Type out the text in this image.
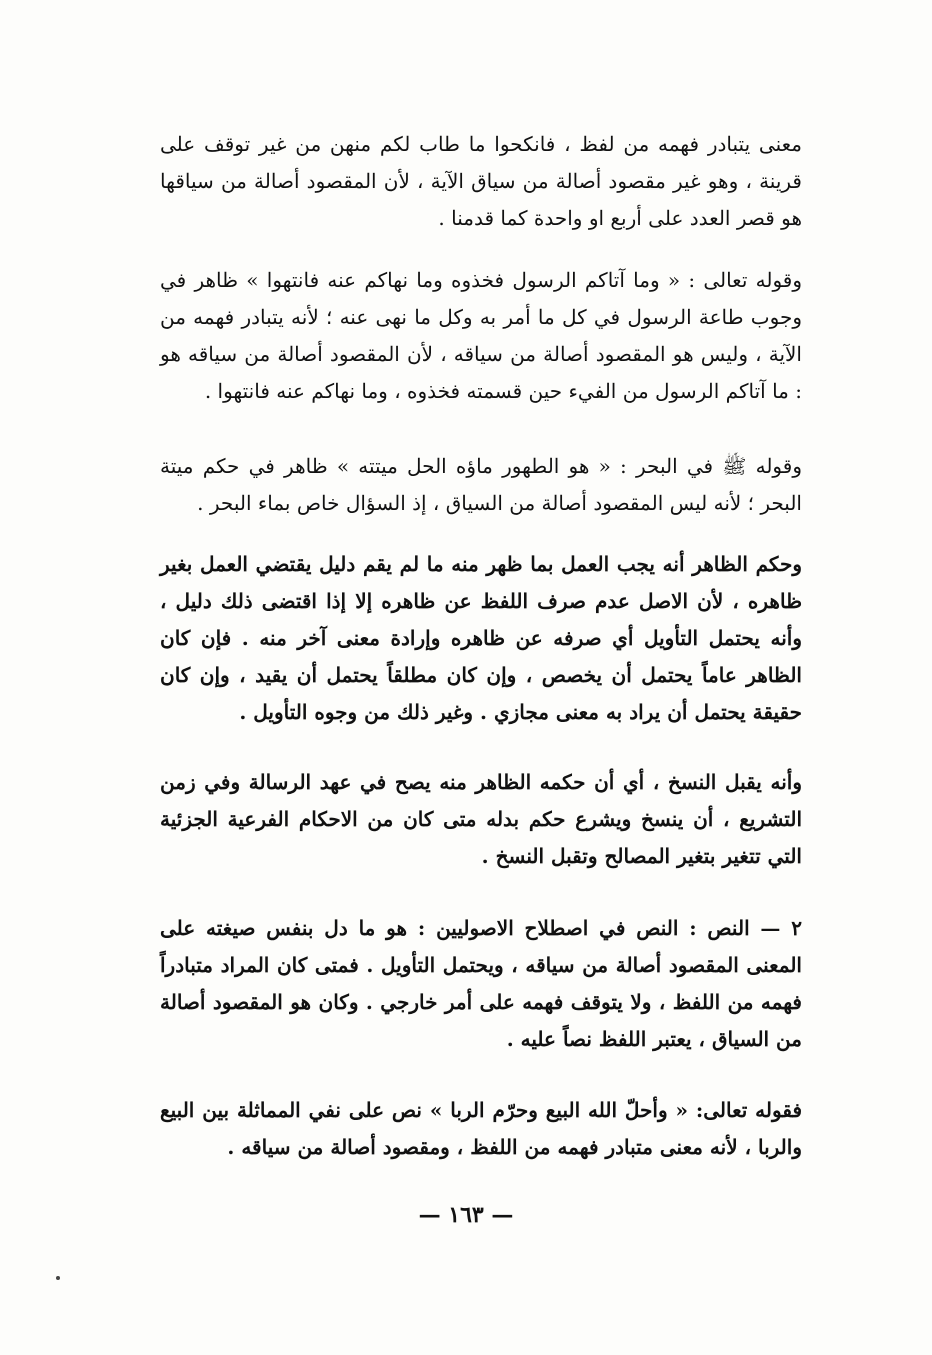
معنى يتبادر فهمه من لفظ ، فانكحوا ما طاب لكم منهن من غير توقف على قرينة ، وهو غير مقصود أصالة من سياق الآية ، لأن المقصود أصالة من سياقها هو قصر العدد على أربع او واحدة كما قدمنا .

وقوله تعالى : « وما آتاكم الرسول فخذوه وما نهاكم عنه فانتهوا » ظاهر في وجوب طاعة الرسول في كل ما أمر به وكل ما نهى عنه ؛ لأنه يتبادر فهمه من الآية ، وليس هو المقصود أصالة من سياقه ، لأن المقصود أصالة من سياقه هو : ما آتاكم الرسول من الفيء حين قسمته فخذوه ، وما نهاكم عنه فانتهوا .

وقوله ﷺ في البحر : « هو الطهور ماؤه الحل ميتته » ظاهر في حكم ميتة البحر ؛ لأنه ليس المقصود أصالة من السياق ، إذ السؤال خاص بماء البحر .

وحكم الظاهر أنه يجب العمل بما ظهر منه ما لم يقم دليل يقتضي العمل بغير ظاهره ، لأن الاصل عدم صرف اللفظ عن ظاهره إلا إذا اقتضى ذلك دليل ، وأنه يحتمل التأويل أي صرفه عن ظاهره وإرادة معنى آخر منه . فإن كان الظاهر عاماً يحتمل أن يخصص ، وإن كان مطلقاً يحتمل أن يقيد ، وإن كان حقيقة يحتمل أن يراد به معنى مجازي . وغير ذلك من وجوه التأويل .

وأنه يقبل النسخ ، أي أن حكمه الظاهر منه يصح في عهد الرسالة وفي زمن التشريع ، أن ينسخ ويشرع حكم بدله متى كان من الاحكام الفرعية الجزئية التي تتغير بتغير المصالح وتقبل النسخ .

٢ — النص : النص في اصطلاح الاصوليين : هو ما دل بنفس صيغته على المعنى المقصود أصالة من سياقه ، ويحتمل التأويل . فمتى كان المراد متبادراً فهمه من اللفظ ، ولا يتوقف فهمه على أمر خارجي . وكان هو المقصود أصالة من السياق ، يعتبر اللفظ نصاً عليه .

فقوله تعالى: « وأحلّ الله البيع وحرّم الربا » نص على نفي المماثلة بين البيع والربا ، لأنه معنى متبادر فهمه من اللفظ ، ومقصود أصالة من سياقه .

— ١٦٣ —
